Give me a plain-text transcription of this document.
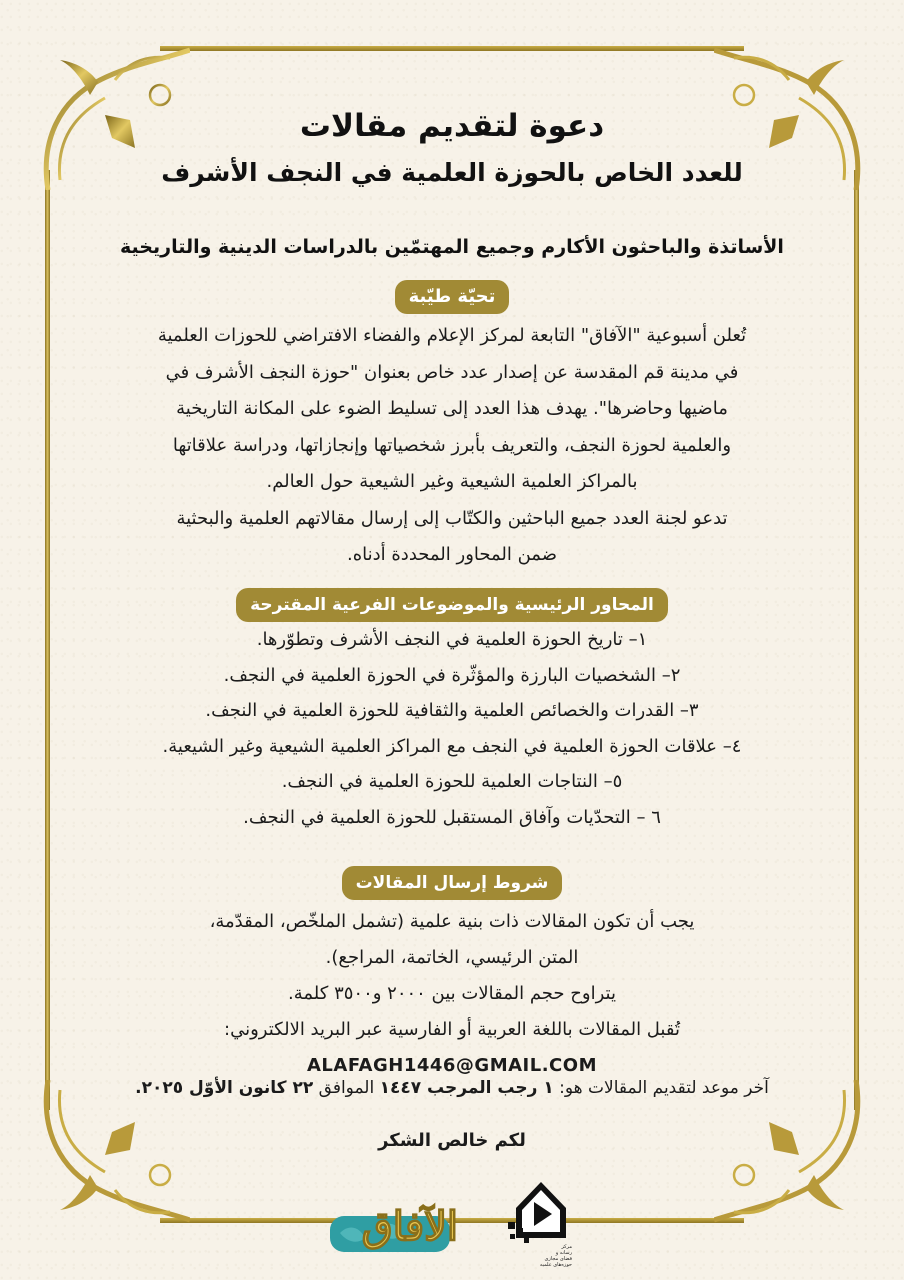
دعوة لتقديم مقالات
للعدد الخاص بالحوزة العلمية في النجف الأشرف
الأساتذة والباحثون الأكارم وجميع المهتمّين بالدراسات الدينية والتاريخية
تحيّة طيّبة
تُعلن أسبوعية "الآفاق" التابعة لمركز الإعلام والفضاء الافتراضي للحوزات العلمية
في مدينة قم المقدسة عن إصدار عدد خاص بعنوان "حوزة النجف الأشرف في
ماضيها وحاضرها". يهدف هذا العدد إلى تسليط الضوء على المكانة التاريخية
والعلمية لحوزة النجف، والتعريف بأبرز شخصياتها وإنجازاتها، ودراسة علاقاتها
بالمراكز العلمية الشيعية وغير الشيعية حول العالم.
تدعو لجنة العدد جميع الباحثين والكتّاب إلى إرسال مقالاتهم العلمية والبحثية
ضمن المحاور المحددة أدناه.
المحاور الرئيسية والموضوعات الفرعية المقترحة
١– تاريخ الحوزة العلمية في النجف الأشرف وتطوّرها.
٢– الشخصيات البارزة والمؤثّرة في الحوزة العلمية في النجف.
٣– القدرات والخصائص العلمية والثقافية للحوزة العلمية في النجف.
٤– علاقات الحوزة العلمية في النجف مع المراكز العلمية الشيعية وغير الشيعية.
٥– النتاجات العلمية للحوزة العلمية في النجف.
٦ – التحدّيات وآفاق المستقبل للحوزة العلمية في النجف.
شروط إرسال المقالات
يجب أن تكون المقالات ذات بنية علمية (تشمل الملخّص، المقدّمة،
المتن الرئيسي، الخاتمة، المراجع).
يتراوح حجم المقالات بين ٢٠٠٠ و٣٥٠٠ كلمة.
تُقبل المقالات باللغة العربية أو الفارسية عبر البريد الالكتروني:
ALAFAGH1446@GMAIL.COM
آخر موعد لتقديم المقالات هو: ١ رجب المرجب ١٤٤٧ الموافق ٢٢ كانون الأوّل ٢٠٢٥.
لكم خالص الشكر
الآفاق	مركز
رسانه و
فضای مجازی
حوزه‌های علمیه
